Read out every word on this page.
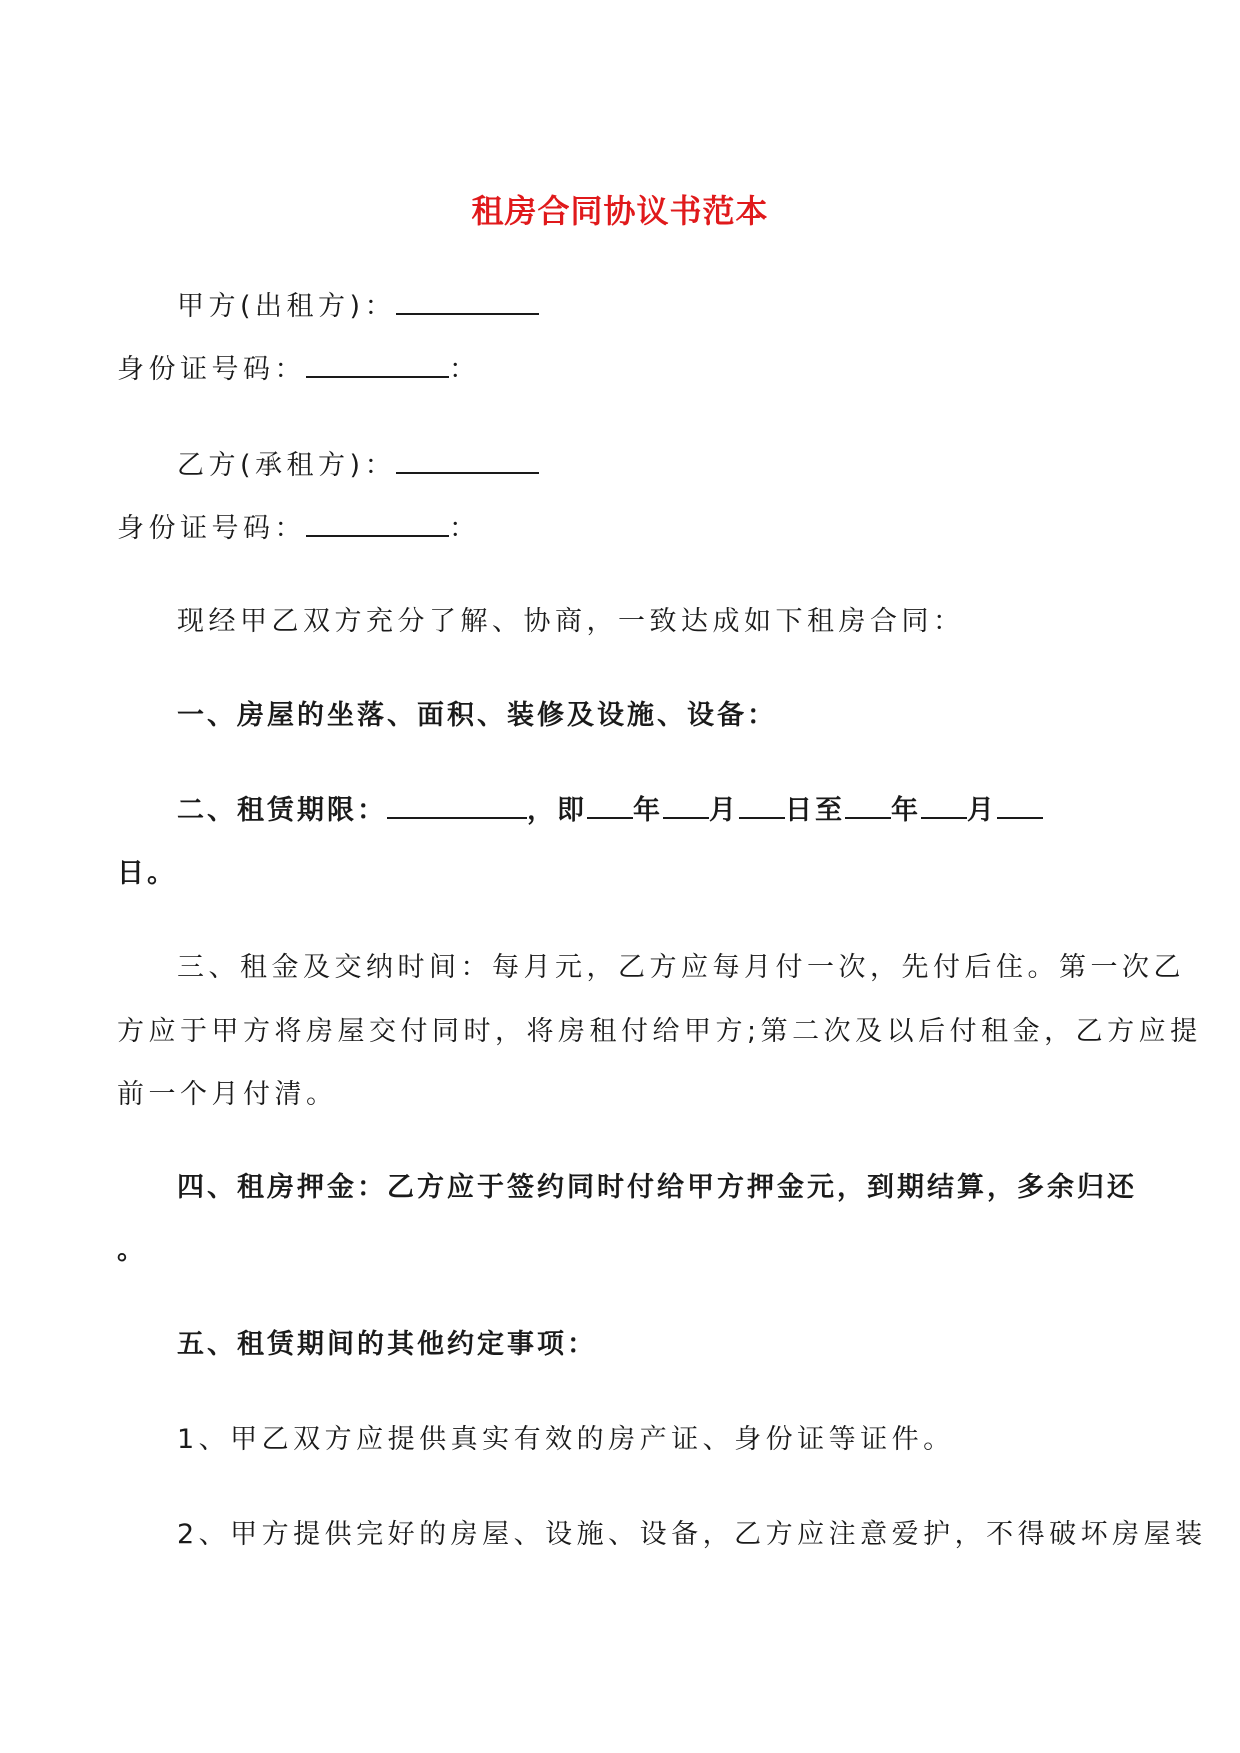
租房合同协议书范本
甲方(出租方)：
身份证号码：	：
乙方(承租方)：
身份证号码：	：
现经甲乙双方充分了解、协商，一致达成如下租房合同：
一、房屋的坐落、面积、装修及设施、设备：
二、租赁期限：	，即 年 月 日至 年 月
日。
三、租金及交纳时间：每月元，乙方应每月付一次，先付后住。第一次乙
方应于甲方将房屋交付同时，将房租付给甲方;第二次及以后付租金，乙方应提
前一个月付清。
四、租房押金：乙方应于签约同时付给甲方押金元，到期结算，多余归还
。
五、租赁期间的其他约定事项：
1、甲乙双方应提供真实有效的房产证、身份证等证件。
2、甲方提供完好的房屋、设施、设备，乙方应注意爱护，不得破坏房屋装
